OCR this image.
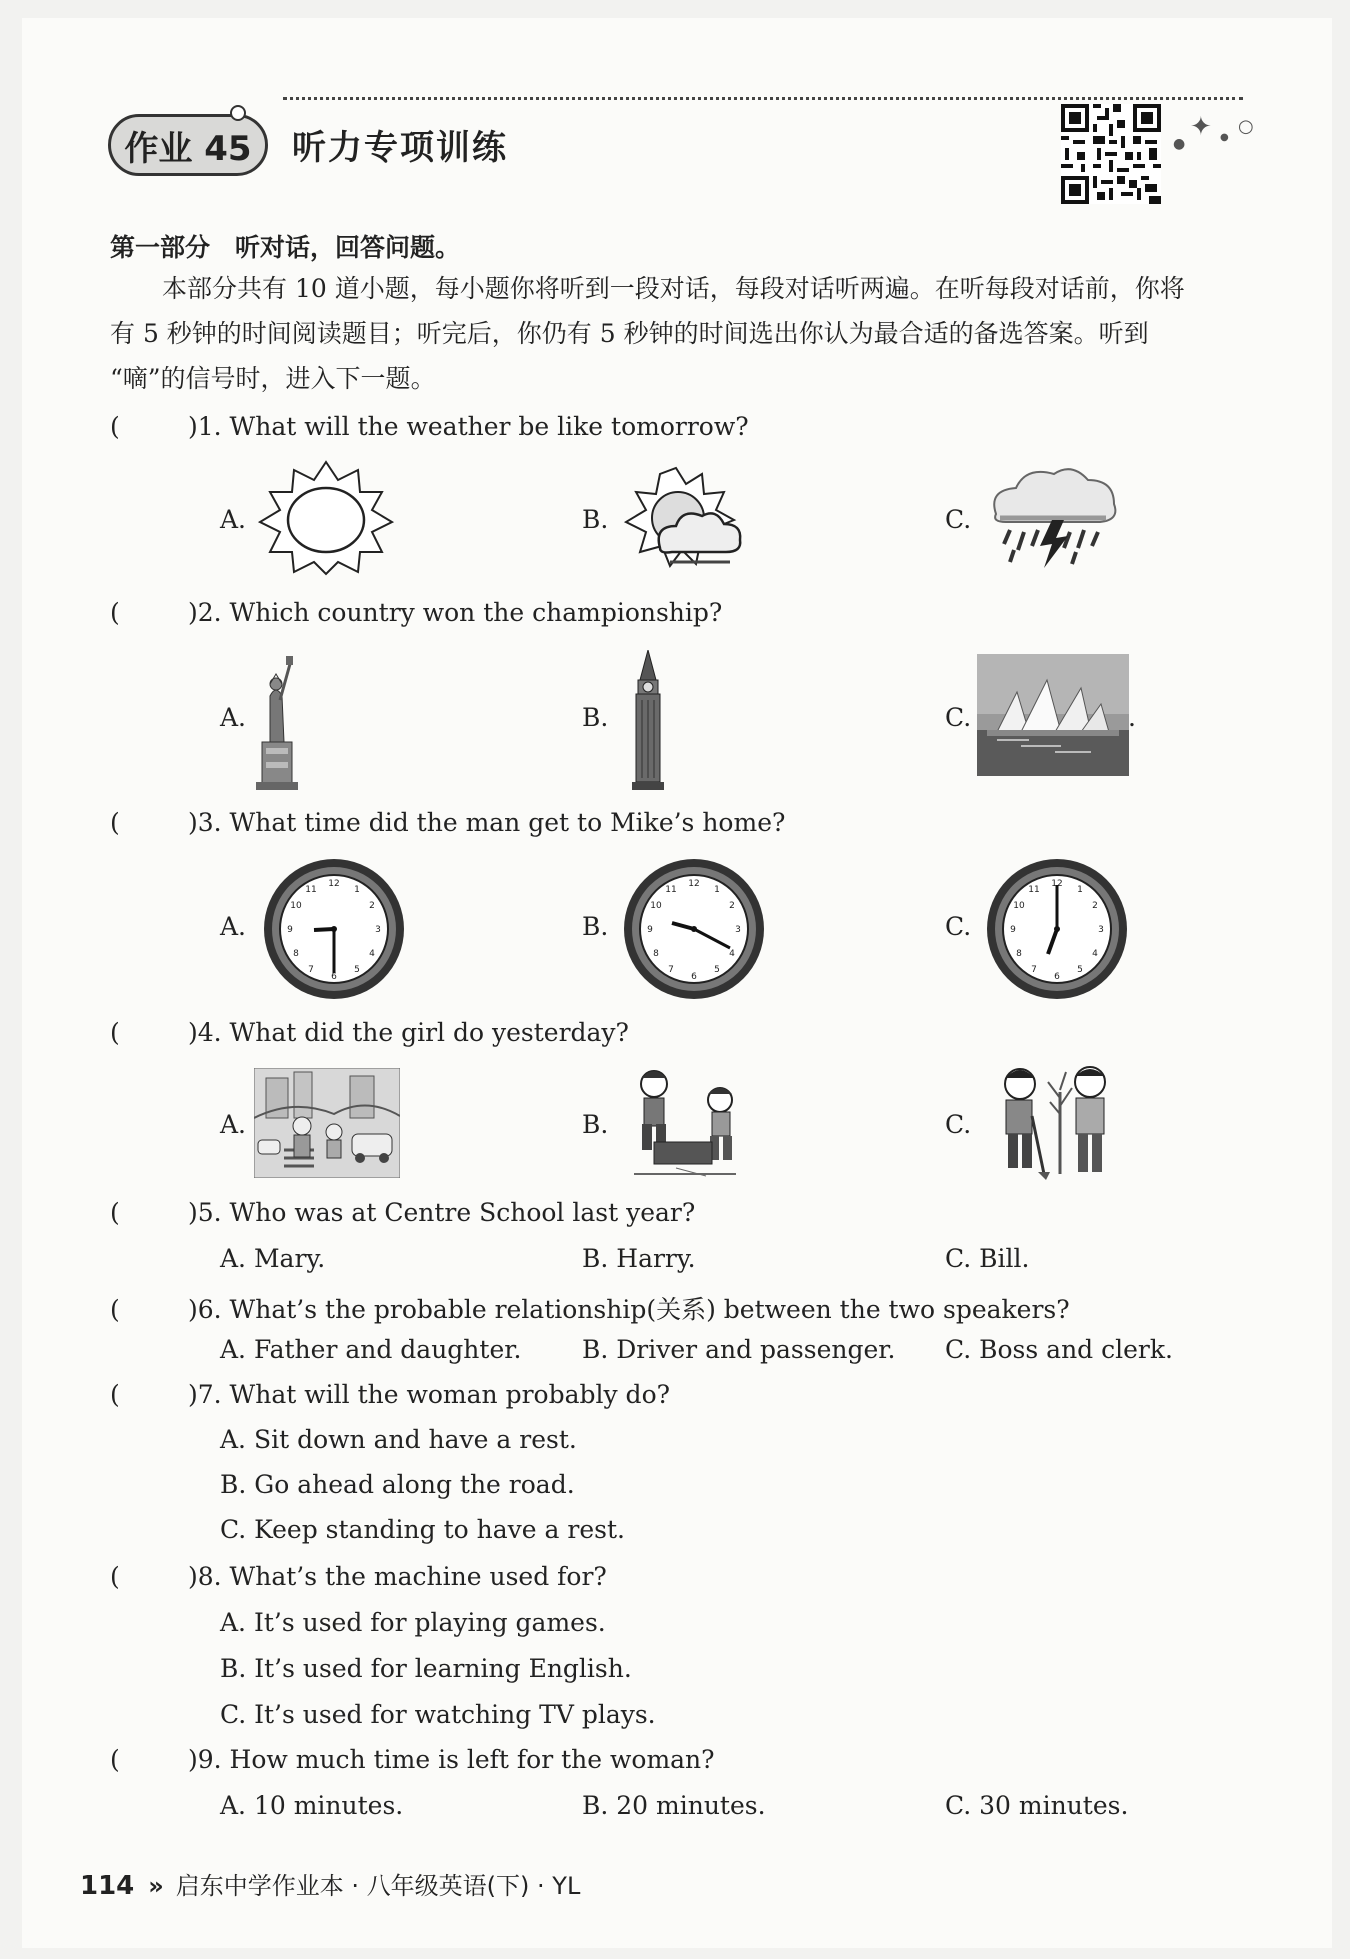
作业 45	听力专项训练	●
✦ ●
○
第一部分　听对话，回答问题。
本部分共有 10 道小题，每小题你将听到一段对话，每段对话听两遍。在听每段对话前，你将
有 5 秒钟的时间阅读题目；听完后，你仍有 5 秒钟的时间选出你认为最合适的备选答案。听到
“嘀”的信号时，进入下一题。
(	)1. What will the weather be like tomorrow?
A.	B.	C.
(	)2. Which country won the championship?
A.	B.	C.	.
(	)3. What time did the man get to Mike’s home?
A.	B.	C.
12
1
2
3
4
5
6
7
8
9
10
11
12
1
2
3
4
5
6
7
8
9
10
11
12
1
2
3
4
5
6
7
8
9
10
11
(	)4. What did the girl do yesterday?
A.	B.	C.
(	)5. Who was at Centre School last year?
A. Mary.	B. Harry.	C. Bill.
(	)6. What’s the probable relationship(关系) between the two speakers?
A. Father and daughter. B. Driver and passenger. C. Boss and clerk.
(	)7. What will the woman probably do?
A. Sit down and have a rest.
B. Go ahead along the road.
C. Keep standing to have a rest.
(	)8. What’s the machine used for?
A. It’s used for playing games.
B. It’s used for learning English.
C. It’s used for watching TV plays.
(	)9. How much time is left for the woman?
A. 10 minutes.	B. 20 minutes.	C. 30 minutes.
114 » 启东中学作业本 · 八年级英语(下) · YL
